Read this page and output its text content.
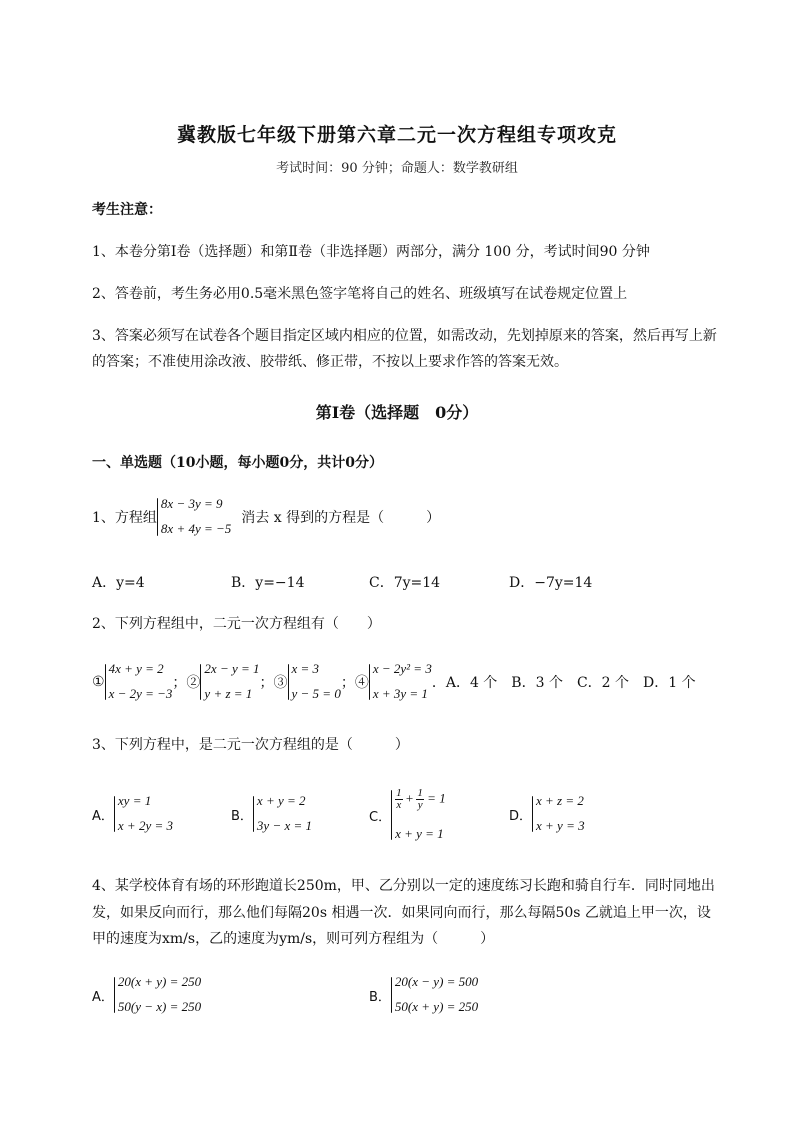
冀教版七年级下册第六章二元一次方程组专项攻克
考试时间：90 分钟；命题人：数学教研组
考生注意：
1、本卷分第Ⅰ卷（选择题）和第Ⅱ卷（非选择题）两部分，满分 100 分，考试时间90 分钟
2、答卷前，考生务必用0.5毫米黑色签字笔将自己的姓名、班级填写在试卷规定位置上
3、答案必须写在试卷各个题目指定区域内相应的位置，如需改动，先划掉原来的答案，然后再写上新
的答案；不准使用涂改液、胶带纸、修正带，不按以上要求作答的答案无效。
第Ⅰ卷（选择题　0分）
一、单选题（10小题，每小题0分，共计0分）
1、方程组
8x − 3y = 9
8x + 4y = −5
消去 x 得到的方程是（　　　）
A．y=4	B．y=−14	C．7y=14	D．−7y=14
2、下列方程组中，二元一次方程组有（　　）
①
4x + y = 2
x − 2y = −3
；②
2x − y = 1
y + z = 1
；③
x = 3
y − 5 = 0
；④
x − 2y² = 3
x + 3y = 1
．A．4 个　B．3 个　C．2 个　D．1 个
3、下列方程中，是二元一次方程组的是（　　　）
A．
xy = 1
x + 2y = 3
B．
x + y = 2
3y − x = 1
C．
$\frac{1}{x} + \frac{1}{y} = 1$
x + y = 1
D．
x + z = 2
x + y = 3
4、某学校体育有场的环形跑道长250m，甲、乙分别以一定的速度练习长跑和骑自行车．同时同地出
发，如果反向而行，那么他们每隔20s 相遇一次．如果同向而行，那么每隔50s 乙就追上甲一次，设
甲的速度为xm/s，乙的速度为ym/s，则可列方程组为（　　　）
A．
20(x + y) = 250
50(y − x) = 250
B．
20(x − y) = 500
50(x + y) = 250
